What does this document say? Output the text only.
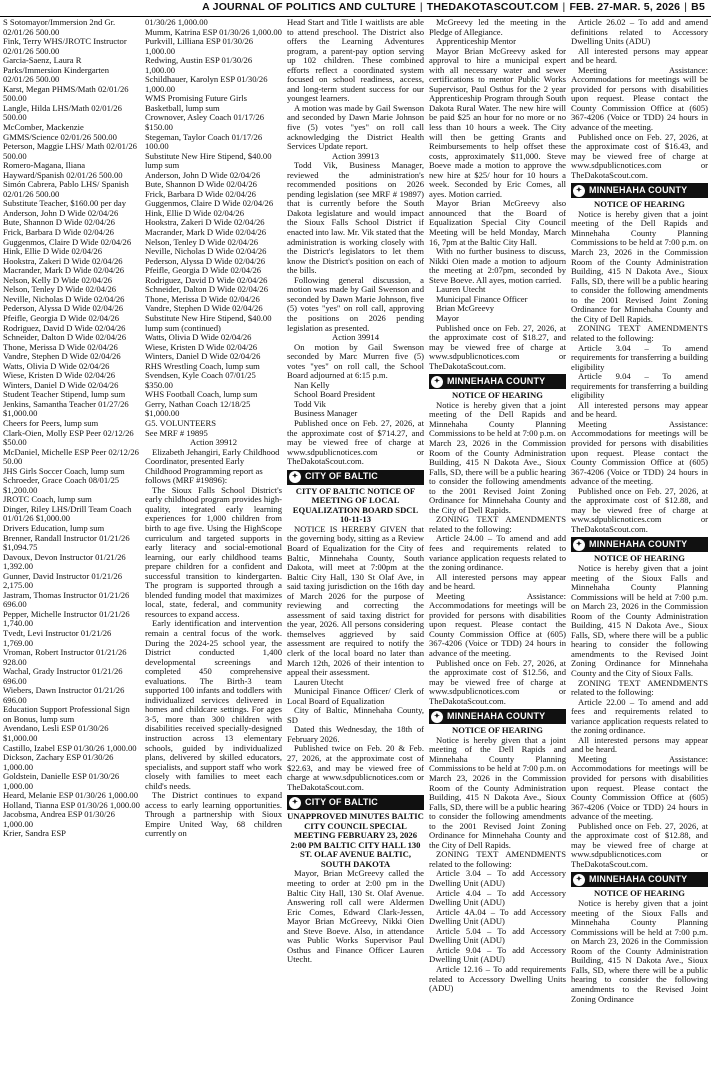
A JOURNAL OF POLITICS AND CULTURE | THEDAKOTASCOUT.COM | FEB. 27-MAR. 5, 2026 | B5

S Sotomayor/Immersion 2nd Gr. 02/01/26 500.00

Fink, Terry WHS/JROTC Instructor 02/01/26 500.00

Garcia-Saenz, Laura R Parks/Immersion Kindergarten 02/01/26 500.00

Karst, Megan PHMS/Math 02/01/26 500.00

Langle, Hilda LHS/Math 02/01/26 500.00

McComber, Mackenzie GMMS/Science 02/01/26 500.00

Peterson, Maggie LHS/ Math 02/01/26 500.00

Romero-Magana, Iliana Hayward/Spanish 02/01/26 500.00

Simón Cabrera, Pablo LHS/ Spanish 02/01/26 500.00

Substitute Teacher, $160.00 per day

Anderson, John D Wide 02/04/26

Bute, Shannon D Wide 02/04/26

Frick, Barbara D Wide 02/04/26

Guggenmos, Claire D Wide 02/04/26

Hink, Ellie D Wide 02/04/26

Hookstra, Zakeri D Wide 02/04/26

Macrander, Mark D Wide 02/04/26

Nelson, Kelly D Wide 02/04/26

Nelson, Tenley D Wide 02/04/26

Neville, Nicholas D Wide 02/04/26

Pederson, Alyssa D Wide 02/04/26

Pfeifle, Georgia D Wide 02/04/26

Rodriguez, David D Wide 02/04/26

Schneider, Dalton D Wide 02/04/26

Thone, Merissa D Wide 02/04/26

Vandre, Stephen D Wide 02/04/26

Watts, Olivia D Wide 02/04/26

Wiese, Kristen D Wide 02/04/26

Winters, Daniel D Wide 02/04/26

Student Teacher Stipend, lump sum

Jenkins, Samantha Teacher 01/27/26 $1,000.00

Cheers for Peers, lump sum

Clark-Oien, Molly ESP Peer 02/12/26 $50.00

McDaniel, Michelle ESP Peer 02/12/26 50.00

JHS Girls Soccer Coach, lump sum

Schroeder, Grace Coach 08/01/25 $1,200.00

JROTC Coach, lump sum

Dinger, Riley LHS/Drill Team Coach 01/01/26 $1,000.00

Drivers Education, lump sum

Brenner, Randall Instructor 01/21/26 $1,094.75

Davoux, Devon Instructor 01/21/26 1,392.00

Gunner, David Instructor 01/21/26 2,175.00

Jastram, Thomas Instructor 01/21/26 696.00

Pepper, Michelle Instructor 01/21/26 1,740.00

Tvedt, Levi Instructor 01/21/26 1,769.00

Vroman, Robert Instructor 01/21/26 928.00

Wachal, Grady Instructor 01/21/26 696.00

Wiebers, Dawn Instructor 01/21/26 696.00

Education Support Professional Sign on Bonus, lump sum

Avendano, Lesli ESP 01/30/26 $1,000.00

Castillo, Izabel ESP 01/30/26 1,000.00

Dickson, Zachary ESP 01/30/26 1,000.00

Goldstein, Danielle ESP 01/30/26 1,000.00

Heard, Melanie ESP 01/30/26 1,000.00

Holland, Tianna ESP 01/30/26 1,000.00

Jacobsma, Andrea ESP 01/30/26 1,000.00

Krier, Sandra ESP

01/30/26 1,000.00

Mumm, Katrina ESP 01/30/26 1,000.00

Purkvill, Lilliana ESP 01/30/26 1,000.00

Redwing, Austin ESP 01/30/26 1,000.00

Schildhauer, Karolyn ESP 01/30/26 1,000.00

WMS Promising Future Girls Basketball, lump sum

Crownover, Asley Coach 01/17/26 $150.00

Stegeman, Taylor Coach 01/17/26 100.00

Substitute New Hire Stipend, $40.00 lump sum

Anderson, John D Wide 02/04/26

Bute, Shannon D Wide 02/04/26

Frick, Barbara D Wide 02/04/26

Guggenmos, Claire D Wide 02/04/26

Hink, Ellie D Wide 02/04/26

Hookstra, Zakeri D Wide 02/04/26

Macrander, Mark D Wide 02/04/26

Nelson, Tenley D Wide 02/04/26

Neville, Nicholas D Wide 02/04/26

Pederson, Alyssa D Wide 02/04/26

Pfeifle, Georgia D Wide 02/04/26

Rodriguez, David D Wide 02/04/26

Schneider, Dalton D Wide 02/04/26

Thone, Merissa D Wide 02/04/26

Vandre, Stephen D Wide 02/04/26

Substitute New Hire Stipend, $40.00 lump sum (continued)

Watts, Olivia D Wide 02/04/26

Wiese, Kristen D Wide 02/04/26

Winters, Daniel D Wide 02/04/26

RHS Wrestling Coach, lump sum

Svendsen, Kyle Coach 07/01/25 $350.00

WHS Football Coach, lump sum

Gerry, Nathan Coach 12/18/25 $1,000.00

G5. VOLUNTEERS

See MRF # 19895

Action 39912

Elizabeth Jehangiri, Early Childhood Coordinator, presented Early Childhood Programming report as follows (MRF #19896):

The Sioux Falls School District's early childhood program provides high-quality, integrated early learning experiences for 1,000 children from birth to age five. Using the HighScope curriculum and targeted supports in early literacy and social-emotional learning, our early childhood teams prepare children for a confident and successful transition to kindergarten. The program is supported through a blended funding model that maximizes local, state, federal, and community resources to expand access.

Early identification and intervention remain a central focus of the work. During the 2024-25 school year, the District conducted 1,400 developmental screenings and completed 450 comprehensive evaluations. The Birth-3 team supported 100 infants and toddlers with individualized services delivered in homes and childcare settings. For ages 3-5, more than 300 children with disabilities received specially-designed instruction across 13 elementary schools, guided by individualized plans, delivered by skilled educators, specialists, and support staff who work closely with families to meet each child's needs.

The District continues to expand access to early learning opportunities. Through a partnership with Sioux Empire United Way, 68 children currently on

Head Start and Title I waitlists are able to attend preschool. The District also offers the Learning Adventures program, a parent-pay option serving up 102 children. These combined efforts reflect a coordinated system focused on school readiness, access, and long-term student success for our youngest learners.

A motion was made by Gail Swenson and seconded by Dawn Marie Johnson five (5) votes "yes" on roll call acknowledging the District Health Services Update report.

Action 39913

Todd Vik, Business Manager, reviewed the administration's recommended positions on 2026 pending legislation (see MRF # 19897) that is currently before the South Dakota legislature and would impact the Sioux Falls School District if enacted into law. Mr. Vik stated that the administration is working closely with the District's legislators to let them know the District's position on each of the bills.

Following general discussion, a motion was made by Gail Swenson and seconded by Dawn Marie Johnson, five (5) votes "yes" on roll call, approving the positions on 2026 pending legislation as presented.

Action 39914

On motion by Gail Swenson seconded by Marc Murren five (5) votes "yes" on roll call, the School Board adjourned at 6:15 p.m.

Nan Kelly

School Board President

Todd Vik

Business Manager

Published once on Feb. 27, 2026, at the approximate cost of $714.27, and may be viewed free of charge at www.sdpublicnotices.com or TheDakotaScout.com.

✦ CITY OF BALTIC

CITY OF BALTIC NOTICE OF MEETING OF LOCAL EQUALIZATION BOARD SDCL 10-11-13

NOTICE IS HEREBY GIVEN that the governing body, sitting as a Review Board of Equalization for the City of Baltic, Minnehaha County, South Dakota, will meet at 7:00pm at the Baltic City Hall, 130 St Olaf Ave, in said taxing jurisdiction on the 16th day of March 2026 for the purpose of reviewing and correcting the assessment of said taxing district for the year, 2026. All persons considering themselves aggrieved by said assessment are required to notify the clerk of the local board no later than March 12th, 2026 of their intention to appeal their assessment.

Lauren Utecht

Municipal Finance Officer/ Clerk of Local Board of Equalization

City of Baltic, Minnehaha County, SD

Dated this Wednesday, the 18th of February 2026.

Published twice on Feb. 20 & Feb. 27, 2026, at the approximate cost of $22.63, and may be viewed free of charge at www.sdpublicnotices.com or TheDakotaScout.com.

✦ CITY OF BALTIC

UNAPPROVED MINUTES BALTIC CITY COUNCIL SPECIAL MEETING FEBRUARY 23, 2026 2:00 PM BALTIC CITY HALL 130 ST. OLAF AVENUE BALTIC, SOUTH DAKOTA

Mayor, Brian McGreevy called the meeting to order at 2:00 pm in the Baltic City Hall, 130 St. Olaf Avenue. Answering roll call were Aldermen Eric Comes, Edward Clark-Jessen, Mayor Brian McGreevy, Nikki Oien and Steve Boeve. Also, in attendance was Public Works Supervisor Paul Osthus and Finance Officer Lauren Utecht.

McGreevy led the meeting in the Pledge of Allegiance.

Apprenticeship Mentor

Mayor Brian McGreevy asked for approval to hire a municipal expert with all necessary water and sewer certifications to mentor Public Works Supervisor, Paul Osthus for the 2 year Apprenticeship Program through South Dakota Rural Water. The new hire will be paid $25 an hour for no more or no less than 10 hours a week. The City will then be getting Grants and Reimbursements to help offset these costs, approximately $11,000. Steve Boeve made a motion to approve the new hire at $25/ hour for 10 hours a week. Seconded by Eric Comes, all ayes. Motion carried.

Mayor Brian McGreevy also announced that the Board of Equalization Special City Council Meeting will be held Monday, March 16, 7pm at the Baltic City Hall.

With no further business to discuss, Nikki Oien made a motion to adjourn the meeting at 2:07pm, seconded by Steve Boeve. All ayes, motion carried.

Lauren Utecht

Municipal Finance Officer

Brian McGreevy

Mayor

Published once on Feb. 27, 2026, at the approximate cost of $18.27, and may be viewed free of charge at www.sdpublicnotices.com or TheDakotaScout.com.

✦ MINNEHAHA COUNTY

NOTICE OF HEARING

Notice is hereby given that a joint meeting of the Dell Rapids and Minnehaha County Planning Commissions to be held at 7:00 p.m. on March 23, 2026 in the Commission Room of the County Administration Building, 415 N Dakota Ave., Sioux Falls, SD, there will be a public hearing to consider the following amendments to the 2001 Revised Joint Zoning Ordinance for Minnehaha County and the City of Dell Rapids.

ZONING TEXT AMENDMENTS related to the following:

Article 24.00 – To amend and add fees and requirements related to variance application requests related to the zoning ordinance.

All interested persons may appear and be heard.

Meeting Assistance: Accommodations for meetings will be provided for persons with disabilities upon request. Please contact the County Commission Office at (605) 367-4206 (Voice or TDD) 24 hours in advance of the meeting.

Published once on Feb. 27, 2026, at the approximate cost of $12.56, and may be viewed free of charge at www.sdpublicnotices.com or TheDakotaScout.com.

✦ MINNEHAHA COUNTY

NOTICE OF HEARING

Notice is hereby given that a joint meeting of the Dell Rapids and Minnehaha County Planning Commissions to be held at 7:00 p.m. on March 23, 2026 in the Commission Room of the County Administration Building, 415 N Dakota Ave., Sioux Falls, SD, there will be a public hearing to consider the following amendments to the 2001 Revised Joint Zoning Ordinance for Minnehaha County and the City of Dell Rapids.

ZONING TEXT AMENDMENTS related to the following:

Article 3.04 – To add Accessory Dwelling Unit (ADU)

Article 4.04 – To add Accessory Dwelling Unit (ADU)

Article 4A.04 – To add Accessory Dwelling Unit (ADU)

Article 5.04 – To add Accessory Dwelling Unit (ADU)

Article 9.04 – To add Accessory Dwelling Unit (ADU)

Article 12.16 – To add requirements related to Accessory Dwelling Units (ADU)

Article 26.02 – To add and amend definitions related to Accessory Dwelling Units (ADU)

All interested persons may appear and be heard.

Meeting Assistance: Accommodations for meetings will be provided for persons with disabilities upon request. Please contact the County Commission Office at (605) 367-4206 (Voice or TDD) 24 hours in advance of the meeting.

Published once on Feb. 27, 2026, at the approximate cost of $16.43, and may be viewed free of charge at www.sdpublicnotices.com or TheDakotaScout.com.

✦ MINNEHAHA COUNTY

NOTICE OF HEARING

Notice is hereby given that a joint meeting of the Dell Rapids and Minnehaha County Planning Commissions to be held at 7:00 p.m. on March 23, 2026 in the Commission Room of the County Administration Building, 415 N Dakota Ave., Sioux Falls, SD, there will be a public hearing to consider the following amendments to the 2001 Revised Joint Zoning Ordinance for Minnehaha County and the City of Dell Rapids.

ZONING TEXT AMENDMENTS related to the following:

Article 3.04 – To amend requirements for transferring a building eligibility

Article 9.04 – To amend requirements for transferring a building eligibility

All interested persons may appear and be heard.

Meeting Assistance: Accommodations for meetings will be provided for persons with disabilities upon request. Please contact the County Commission Office at (605) 367-4206 (Voice or TDD) 24 hours in advance of the meeting.

Published once on Feb. 27, 2026, at the approximate cost of $12.88, and may be viewed free of charge at www.sdpublicnotices.com or TheDakotaScout.com.

✦ MINNEHAHA COUNTY

NOTICE OF HEARING

Notice is hereby given that a joint meeting of the Sioux Falls and Minnehaha County Planning Commissions will be held at 7:00 p.m. on March 23, 2026 in the Commission Room of the County Administration Building, 415 N Dakota Ave., Sioux Falls, SD, where there will be a public hearing to consider the following amendments to the Revised Joint Zoning Ordinance for Minnehaha County and the City of Sioux Falls.

ZONING TEXT AMENDMENTS related to the following:

Article 22.00 – To amend and add fees and requirements related to variance application requests related to the zoning ordinance.

All interested persons may appear and be heard.

Meeting Assistance: Accommodations for meetings will be provided for persons with disabilities upon request. Please contact the County Commission Office at (605) 367-4206 (Voice or TDD) 24 hours in advance of the meeting.

Published once on Feb. 27, 2026, at the approximate cost of $12.88, and may be viewed free of charge at www.sdpublicnotices.com or TheDakotaScout.com.

✦ MINNEHAHA COUNTY

NOTICE OF HEARING

Notice is hereby given that a joint meeting of the Sioux Falls and Minnehaha County Planning Commissions will be held at 7:00 p.m. on March 23, 2026 in the Commission Room of the County Administration Building, 415 N Dakota Ave., Sioux Falls, SD, where there will be a public hearing to consider the following amendments to the Revised Joint Zoning Ordinance
